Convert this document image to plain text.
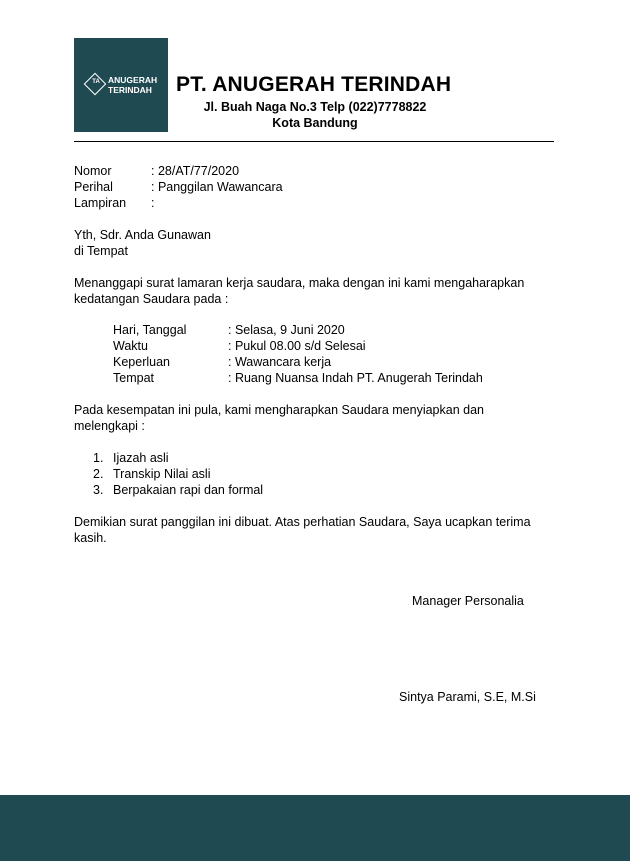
TA ANUGERAH
TERINDAH PT. ANUGERAH TERINDAH
Jl. Buah Naga No.3 Telp (022)7778822
Kota Bandung
Nomor	: 28/AT/77/2020
Perihal	: Panggilan Wawancara
Lampiran :
Yth, Sdr. Anda Gunawan
di Tempat
Menanggapi surat lamaran kerja saudara, maka dengan ini kami mengaharapkan
kedatangan Saudara pada :
Hari, Tanggal	: Selasa, 9 Juni 2020
Waktu	: Pukul 08.00 s/d Selesai
Keperluan	: Wawancara kerja
Tempat	: Ruang Nuansa Indah PT. Anugerah Terindah
Pada kesempatan ini pula, kami mengharapkan Saudara menyiapkan dan
melengkapi :
1. Ijazah asli
2. Transkip Nilai asli
3. Berpakaian rapi dan formal
Demikian surat panggilan ini dibuat. Atas perhatian Saudara, Saya ucapkan terima
kasih.
Manager Personalia
Sintya Parami, S.E, M.Si
